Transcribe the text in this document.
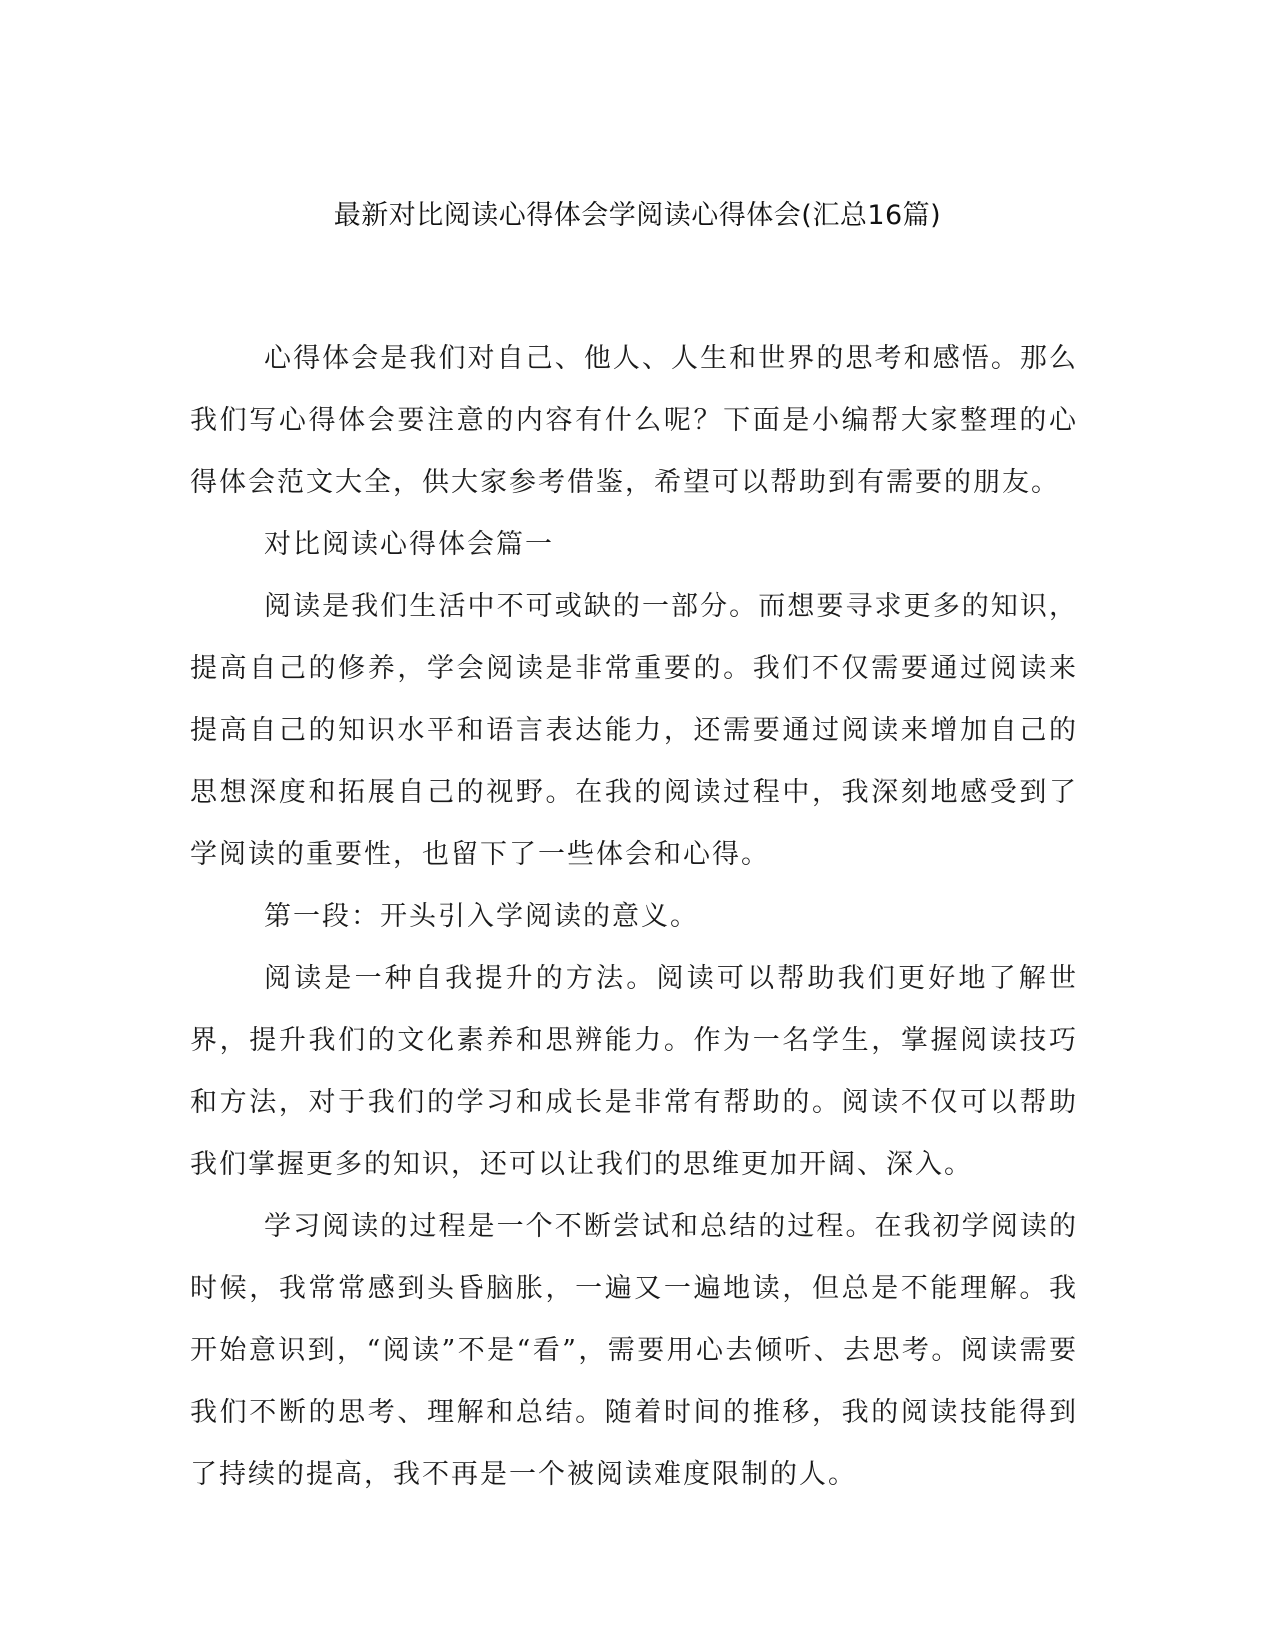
最新对比阅读心得体会学阅读心得体会(汇总16篇)

心得体会是我们对自己、他人、人生和世界的思考和感悟。那么我们写心得体会要注意的内容有什么呢？下面是小编帮大家整理的心得体会范文大全，供大家参考借鉴，希望可以帮助到有需要的朋友。

对比阅读心得体会篇一

阅读是我们生活中不可或缺的一部分。而想要寻求更多的知识，提高自己的修养，学会阅读是非常重要的。我们不仅需要通过阅读来提高自己的知识水平和语言表达能力，还需要通过阅读来增加自己的思想深度和拓展自己的视野。在我的阅读过程中，我深刻地感受到了学阅读的重要性，也留下了一些体会和心得。

第一段：开头引入学阅读的意义。

阅读是一种自我提升的方法。阅读可以帮助我们更好地了解世界，提升我们的文化素养和思辨能力。作为一名学生，掌握阅读技巧和方法，对于我们的学习和成长是非常有帮助的。阅读不仅可以帮助我们掌握更多的知识，还可以让我们的思维更加开阔、深入。

学习阅读的过程是一个不断尝试和总结的过程。在我初学阅读的时候，我常常感到头昏脑胀，一遍又一遍地读，但总是不能理解。我开始意识到，“阅读”不是“看”，需要用心去倾听、去思考。阅读需要我们不断的思考、理解和总结。随着时间的推移，我的阅读技能得到了持续的提高，我不再是一个被阅读难度限制的人。
